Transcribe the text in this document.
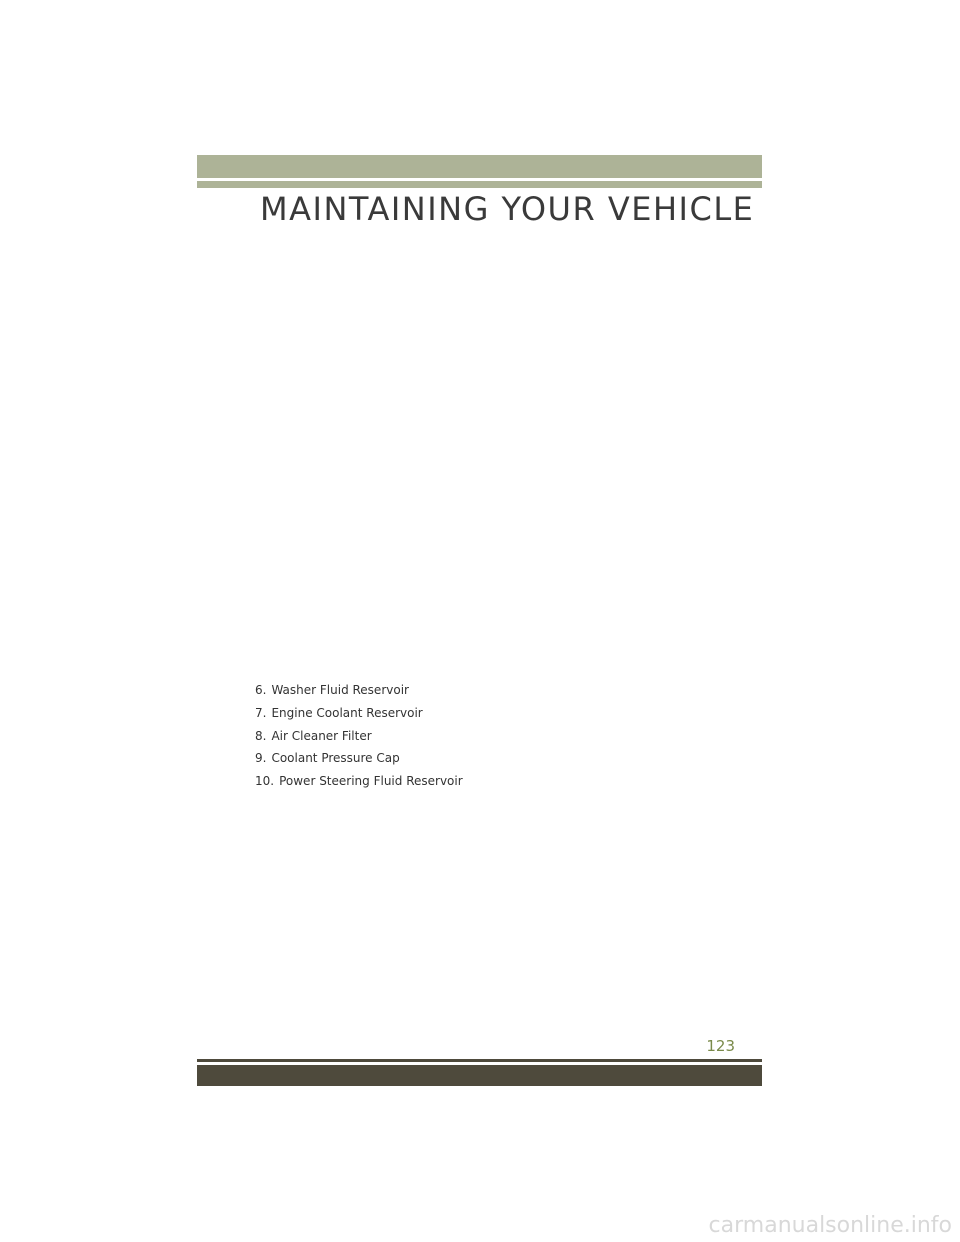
MAINTAINING YOUR VEHICLE
6. Washer Fluid Reservoir
7. Engine Coolant Reservoir
8. Air Cleaner Filter
9. Coolant Pressure Cap
10. Power Steering Fluid Reservoir
123
carmanualsonline.info
